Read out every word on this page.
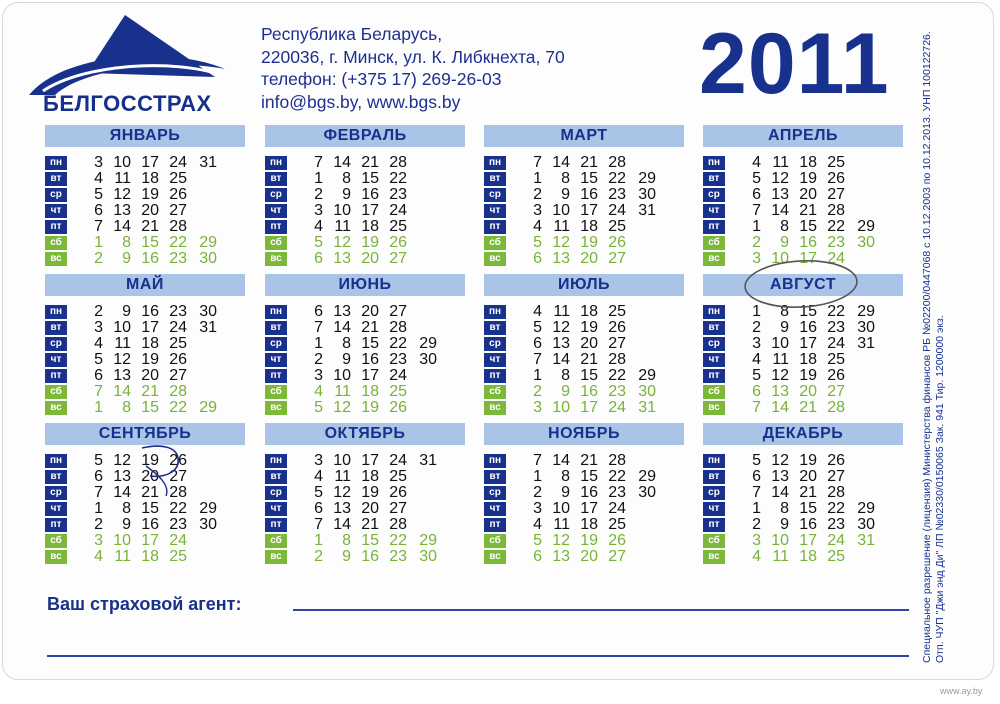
БЕЛГОССТРАХ
Республика Беларусь,
220036, г. Минск, ул. К. Либкнехта, 70
телефон: (+375 17) 269-26-03
info@bgs.by, www.bgs.by	2011
ЯНВАРЬ
пн	3 10 17 24 31
вт	4 11 18 25
ср	5 12 19 26
чт	6 13 20 27
пт	7 14 21 28
сб	1	8 15 22 29
вс	2	9 16 23 30
ФЕВРАЛЬ
пн	7 14 21 28
вт	1	8 15 22
ср	2	9 16 23
чт	3 10 17 24
пт	4 11 18 25
сб	5 12 19 26
вс	6 13 20 27
МАРТ
пн	7 14 21 28
вт	1	8 15 22 29
ср	2	9 16 23 30
чт	3 10 17 24 31
пт	4 11 18 25
сб	5 12 19 26
вс	6 13 20 27
АПРЕЛЬ
пн	4 11 18 25
вт	5 12 19 26
ср	6 13 20 27
чт	7 14 21 28
пт	1	8 15 22 29
сб	2	9 16 23 30
вс	3 10 17 24
МАЙ
пн	2	9 16 23 30
вт	3 10 17 24 31
ср	4 11 18 25
чт	5 12 19 26
пт	6 13 20 27
сб	7 14 21 28
вс	1	8 15 22 29
ИЮНЬ
пн	6 13 20 27
вт	7 14 21 28
ср	1	8 15 22 29
чт	2	9 16 23 30
пт	3 10 17 24
сб	4 11 18 25
вс	5 12 19 26
ИЮЛЬ
пн	4 11 18 25
вт	5 12 19 26
ср	6 13 20 27
чт	7 14 21 28
пт	1	8 15 22 29
сб	2	9 16 23 30
вс	3 10 17 24 31
АВГУСТ
пн	1	8 15 22 29
вт	2	9 16 23 30
ср	3 10 17 24 31
чт	4 11 18 25
пт	5 12 19 26
сб	6 13 20 27
вс	7 14 21 28
СЕНТЯБРЬ
пн	5 12 19 26
вт	6 13 20 27
ср	7 14 21 28
чт	1	8 15 22 29
пт	2	9 16 23 30
сб	3 10 17 24
вс	4 11 18 25
ОКТЯБРЬ
пн	3 10 17 24 31
вт	4 11 18 25
ср	5 12 19 26
чт	6 13 20 27
пт	7 14 21 28
сб	1	8 15 22 29
вс	2	9 16 23 30
НОЯБРЬ
пн	7 14 21 28
вт	1	8 15 22 29
ср	2	9 16 23 30
чт	3 10 17 24
пт	4 11 18 25
сб	5 12 19 26
вс	6 13 20 27
ДЕКАБРЬ
пн	5 12 19 26
вт	6 13 20 27
ср	7 14 21 28
чт	1	8 15 22 29
пт	2	9 16 23 30
сб	3 10 17 24 31
вс	4 11 18 25
Ваш страховой агент:	Специальное разрешение (лицензия) Министерства финансов РБ №02200/0447068 с 10.12.2003 по 10.12.2013. УНП 100122726. Отп. ЧУП "Джи энд Ди" ЛП №02330/0150065 Зак. 941 Тир. 1200000 экз.
www.ay.by
